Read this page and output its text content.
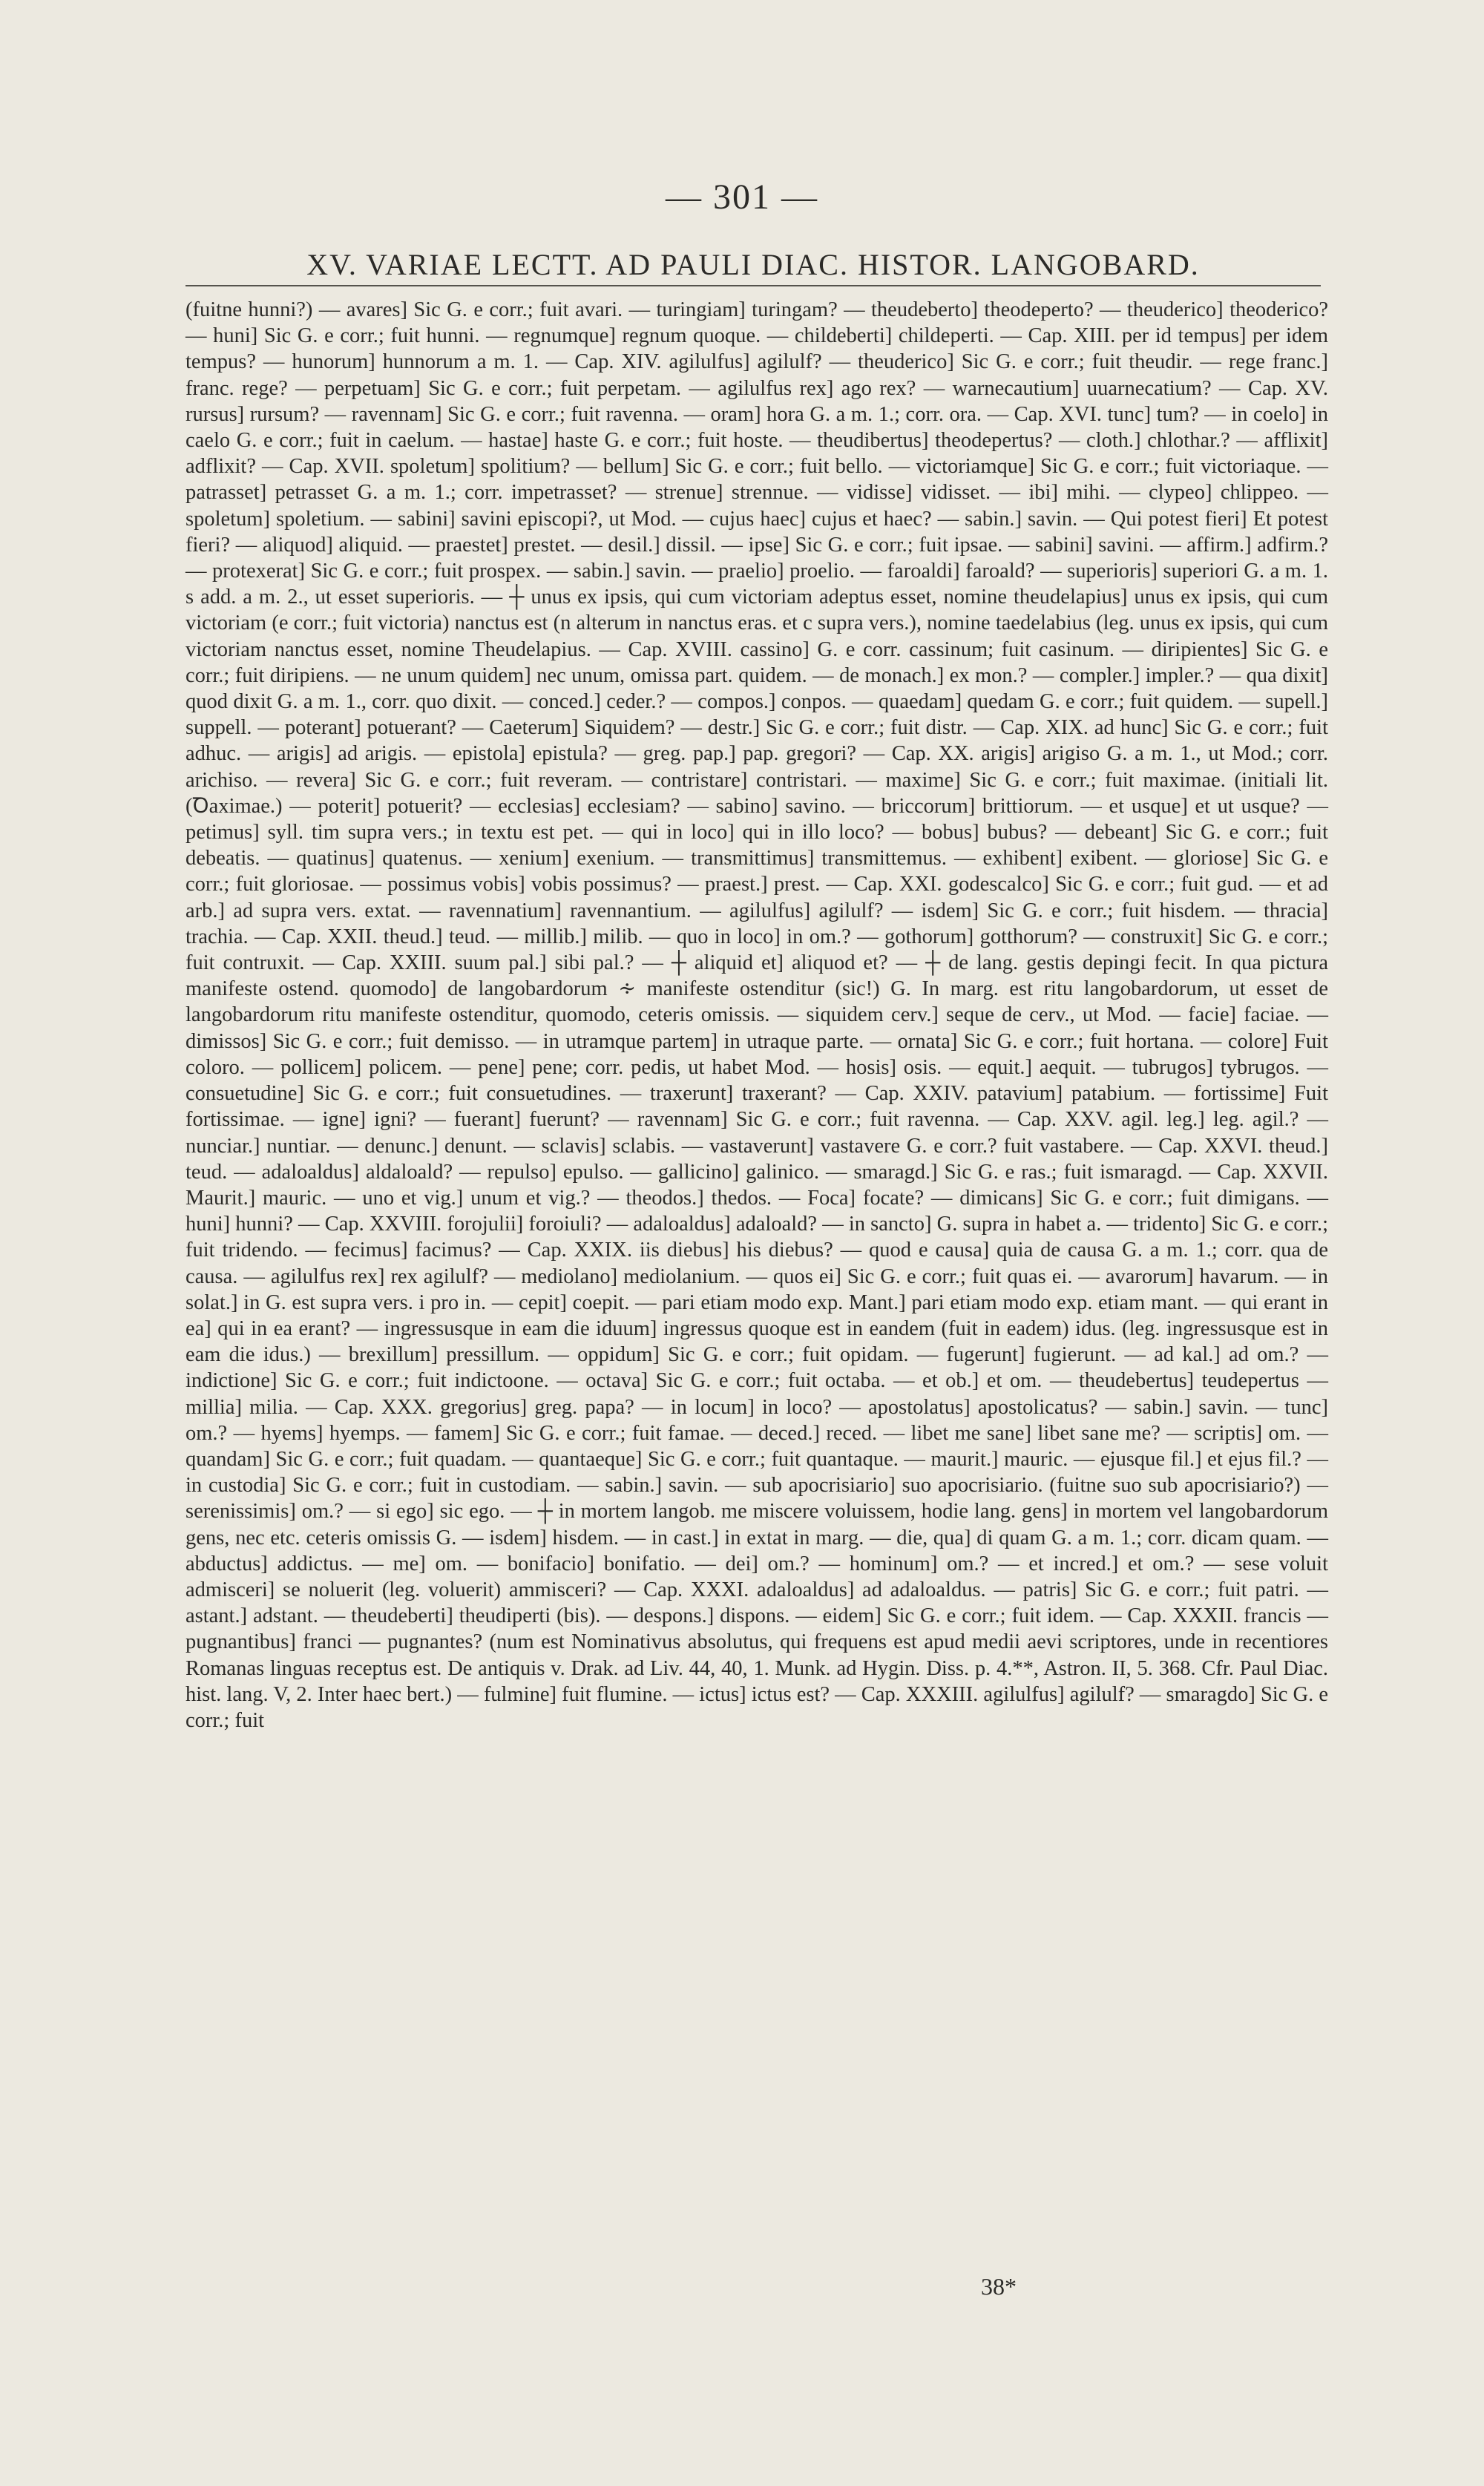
— 301 —
XV. VARIAE LECTT. AD PAULI DIAC. HISTOR. LANGOBARD.

(fuitne hunni?) — avares] Sic G. e corr.; fuit avari. — turingiam] turingam? — theudeberto] theodeperto? — theuderico] theoderico? — huni] Sic G. e corr.; fuit hunni. — regnumque] regnum quoque. — childeberti] childeperti. — Cap. XIII. per id tempus] per idem tempus? — hunorum] hunnorum a m. 1. — Cap. XIV. agilulfus] agilulf? — theuderico] Sic G. e corr.; fuit theudir. — rege franc.] franc. rege? — perpetuam] Sic G. e corr.; fuit perpetam. — agilulfus rex] ago rex? — warnecautium] uuarnecatium? — Cap. XV. rursus] rursum? — ravennam] Sic G. e corr.; fuit ravenna. — oram] hora G. a m. 1.; corr. ora. — Cap. XVI. tunc] tum? — in coelo] in caelo G. e corr.; fuit in caelum. — hastae] haste G. e corr.; fuit hoste. — theudibertus] theodepertus? — cloth.] chlothar.? — afflixit] adflixit? — Cap. XVII. spoletum] spolitium? — bellum] Sic G. e corr.; fuit bello. — victoriamque] Sic G. e corr.; fuit victoriaque. — patrasset] petrasset G. a m. 1.; corr. impetrasset? — strenue] strennue. — vidisse] vidisset. — ibi] mihi. — clypeo] chlippeo. — spoletum] spoletium. — sabini] savini episcopi?, ut Mod. — cujus haec] cujus et haec? — sabin.] savin. — Qui potest fieri] Et potest fieri? — aliquod] aliquid. — praestet] prestet. — desil.] dissil. — ipse] Sic G. e corr.; fuit ipsae. — sabini] savini. — affirm.] adfirm.? — protexerat] Sic G. e corr.; fuit prospex. — sabin.] savin. — praelio] proelio. — faroaldi] faroald? — superioris] superiori G. a m. 1. s add. a m. 2., ut esset superioris. — ┼ unus ex ipsis, qui cum victoriam adeptus esset, nomine theudelapius] unus ex ipsis, qui cum victoriam (e corr.; fuit victoria) nanctus est (n alterum in nanctus eras. et c supra vers.), nomine taedelabius (leg. unus ex ipsis, qui cum victoriam nanctus esset, nomine Theudelapius. — Cap. XVIII. cassino] G. e corr. cassinum; fuit casinum. — diripientes] Sic G. e corr.; fuit diripiens. — ne unum quidem] nec unum, omissa part. quidem. — de monach.] ex mon.? — compler.] impler.? — qua dixit] quod dixit G. a m. 1., corr. quo dixit. — conced.] ceder.? — compos.] conpos. — quaedam] quedam G. e corr.; fuit quidem. — supell.] suppell. — poterant] potuerant? — Caeterum] Siquidem? — destr.] Sic G. e corr.; fuit distr. — Cap. XIX. ad hunc] Sic G. e corr.; fuit adhuc. — arigis] ad arigis. — epistola] epistula? — greg. pap.] pap. gregori? — Cap. XX. arigis] arigiso G. a m. 1., ut Mod.; corr. arichiso. — revera] Sic G. e corr.; fuit reveram. — contristare] contristari. — maxime] Sic G. e corr.; fuit maximae. (initiali lit. (Ꝺaximae.) — poterit] potuerit? — ecclesias] ecclesiam? — sabino] savino. — briccorum] brittiorum. — et usque] et ut usque? — petimus] syll. tim supra vers.; in textu est pet. — qui in loco] qui in illo loco? — bobus] bubus? — debeant] Sic G. e corr.; fuit debeatis. — quatinus] quatenus. — xenium] exenium. — transmittimus] transmittemus. — exhibent] exibent. — gloriose] Sic G. e corr.; fuit gloriosae. — possimus vobis] vobis possimus? — praest.] prest. — Cap. XXI. godescalco] Sic G. e corr.; fuit gud. — et ad arb.] ad supra vers. extat. — ravennatium] ravennantium. — agilulfus] agilulf? — isdem] Sic G. e corr.; fuit hisdem. — thracia] trachia. — Cap. XXII. theud.] teud. — millib.] milib. — quo in loco] in om.? — gothorum] gotthorum? — construxit] Sic G. e corr.; fuit contruxit. — Cap. XXIII. suum pal.] sibi pal.? — ┼ aliquid et] aliquod et? — ┼ de lang. gestis depingi fecit. In qua pictura manifeste ostend. quomodo] de langobardorum ∻ manifeste ostenditur (sic!) G. In marg. est ritu langobardorum, ut esset de langobardorum ritu manifeste ostenditur, quomodo, ceteris omissis. — siquidem cerv.] seque de cerv., ut Mod. — facie] faciae. — dimissos] Sic G. e corr.; fuit demisso. — in utramque partem] in utraque parte. — ornata] Sic G. e corr.; fuit hortana. — colore] Fuit coloro. — pollicem] policem. — pene] pene; corr. pedis, ut habet Mod. — hosis] osis. — equit.] aequit. — tubrugos] tybrugos. — consuetudine] Sic G. e corr.; fuit consuetudines. — traxerunt] traxerant? — Cap. XXIV. patavium] patabium. — fortissime] Fuit fortissimae. — igne] igni? — fuerant] fuerunt? — ravennam] Sic G. e corr.; fuit ravenna. — Cap. XXV. agil. leg.] leg. agil.? — nunciar.] nuntiar. — denunc.] denunt. — sclavis] sclabis. — vastaverunt] vastavere G. e corr.? fuit vastabere. — Cap. XXVI. theud.] teud. — adaloaldus] aldaloald? — repulso] epulso. — gallicino] galinico. — smaragd.] Sic G. e ras.; fuit ismaragd. — Cap. XXVII. Maurit.] mauric. — uno et vig.] unum et vig.? — theodos.] thedos. — Foca] focate? — dimicans] Sic G. e corr.; fuit dimigans. — huni] hunni? — Cap. XXVIII. forojulii] foroiuli? — adaloaldus] adaloald? — in sancto] G. supra in habet a. — tridento] Sic G. e corr.; fuit tridendo. — fecimus] facimus? — Cap. XXIX. iis diebus] his diebus? — quod e causa] quia de causa G. a m. 1.; corr. qua de causa. — agilulfus rex] rex agilulf? — mediolano] mediolanium. — quos ei] Sic G. e corr.; fuit quas ei. — avarorum] havarum. — in solat.] in G. est supra vers. i pro in. — cepit] coepit. — pari etiam modo exp. Mant.] pari etiam modo exp. etiam mant. — qui erant in ea] qui in ea erant? — ingressusque in eam die iduum] ingressus quoque est in eandem (fuit in eadem) idus. (leg. ingressusque est in eam die idus.) — brexillum] pressillum. — oppidum] Sic G. e corr.; fuit opidam. — fugerunt] fugierunt. — ad kal.] ad om.? — indictione] Sic G. e corr.; fuit indictoone. — octava] Sic G. e corr.; fuit octaba. — et ob.] et om. — theudebertus] teudepertus — millia] milia. — Cap. XXX. gregorius] greg. papa? — in locum] in loco? — apostolatus] apostolicatus? — sabin.] savin. — tunc] om.? — hyems] hyemps. — famem] Sic G. e corr.; fuit famae. — deced.] reced. — libet me sane] libet sane me? — scriptis] om. — quandam] Sic G. e corr.; fuit quadam. — quantaeque] Sic G. e corr.; fuit quantaque. — maurit.] mauric. — ejusque fil.] et ejus fil.? — in custodia] Sic G. e corr.; fuit in custodiam. — sabin.] savin. — sub apocrisiario] suo apocrisiario. (fuitne suo sub apocrisiario?) — serenissimis] om.? — si ego] sic ego. — ┼ in mortem langob. me miscere voluissem, hodie lang. gens] in mortem vel langobardorum gens, nec etc. ceteris omissis G. — isdem] hisdem. — in cast.] in extat in marg. — die, qua] di quam G. a m. 1.; corr. dicam quam. — abductus] addictus. — me] om. — bonifacio] bonifatio. — dei] om.? — hominum] om.? — et incred.] et om.? — sese voluit admisceri] se noluerit (leg. voluerit) ammisceri? — Cap. XXXI. adaloaldus] ad adaloaldus. — patris] Sic G. e corr.; fuit patri. — astant.] adstant. — theudeberti] theudiperti (bis). — despons.] dispons. — eidem] Sic G. e corr.; fuit idem. — Cap. XXXII. francis — pugnantibus] franci — pugnantes? (num est Nominativus absolutus, qui frequens est apud medii aevi scriptores, unde in recentiores Romanas linguas receptus est. De antiquis v. Drak. ad Liv. 44, 40, 1. Munk. ad Hygin. Diss. p. 4.**, Astron. II, 5. 368. Cfr. Paul Diac. hist. lang. V, 2. Inter haec bert.) — fulmine] fuit flumine. — ictus] ictus est? — Cap. XXXIII. agilulfus] agilulf? — smaragdo] Sic G. e corr.; fuit

38*
